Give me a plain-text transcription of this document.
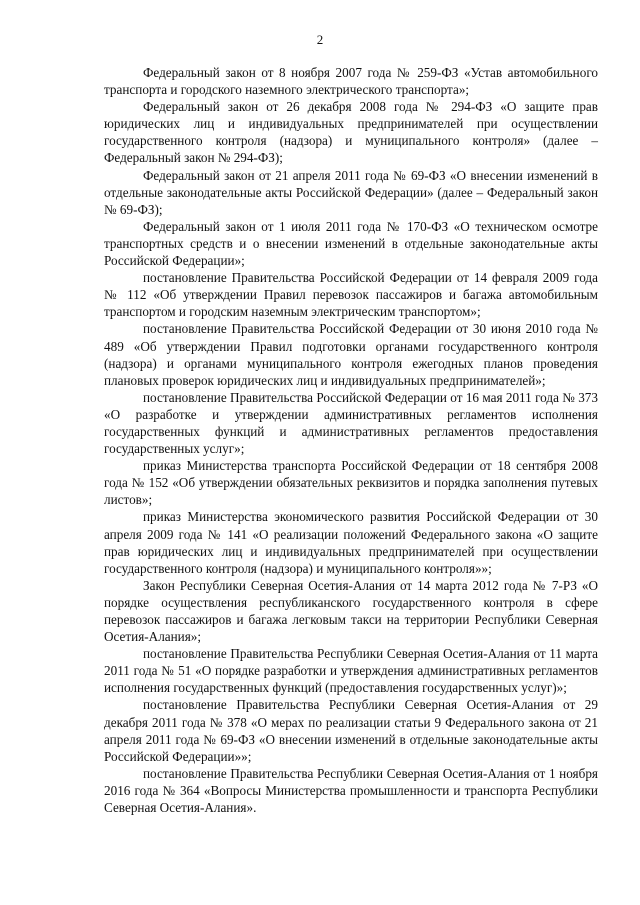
2

Федеральный закон от 8 ноября 2007 года № 259-ФЗ «Устав автомобильного транспорта и городского наземного электрического транспорта»;

Федеральный закон от 26 декабря 2008 года № 294-ФЗ «О защите прав юридических лиц и индивидуальных предпринимателей при осуществлении государственного контроля (надзора) и муниципального контроля» (далее – Федеральный закон № 294-ФЗ);

Федеральный закон от 21 апреля 2011 года № 69-ФЗ «О внесении изменений в отдельные законодательные акты Российской Федерации» (далее – Федеральный закон № 69-ФЗ);

Федеральный закон от 1 июля 2011 года № 170-ФЗ «О техническом осмотре транспортных средств и о внесении изменений в отдельные законодательные акты Российской Федерации»;

постановление Правительства Российской Федерации от 14 февраля 2009 года № 112 «Об утверждении Правил перевозок пассажиров и багажа автомобильным транспортом и городским наземным электрическим транспортом»;

постановление Правительства Российской Федерации от 30 июня 2010 года № 489 «Об утверждении Правил подготовки органами государственного контроля (надзора) и органами муниципального контроля ежегодных планов проведения плановых проверок юридических лиц и индивидуальных предпринимателей»;

постановление Правительства Российской Федерации от 16 мая 2011 года № 373 «О разработке и утверждении административных регламентов исполнения государственных функций и административных регламентов предоставления государственных услуг»;

приказ Министерства транспорта Российской Федерации от 18 сентября 2008 года № 152 «Об утверждении обязательных реквизитов и порядка заполнения путевых листов»;

приказ Министерства экономического развития Российской Федерации от 30 апреля 2009 года № 141 «О реализации положений Федерального закона «О защите прав юридических лиц и индивидуальных предпринимателей при осуществлении государственного контроля (надзора) и муниципального контроля»»;

Закон Республики Северная Осетия-Алания от 14 марта 2012 года № 7-РЗ «О порядке осуществления республиканского государственного контроля в сфере перевозок пассажиров и багажа легковым такси на территории Республики Северная Осетия-Алания»;

постановление Правительства Республики Северная Осетия-Алания от 11 марта 2011 года № 51 «О порядке разработки и утверждения административных регламентов исполнения государственных функций (предоставления государственных услуг)»;

постановление Правительства Республики Северная Осетия-Алания от 29 декабря 2011 года № 378 «О мерах по реализации статьи 9 Федерального закона от 21 апреля 2011 года № 69-ФЗ «О внесении изменений в отдельные законодательные акты Российской Федерации»»;

постановление Правительства Республики Северная Осетия-Алания от 1 ноября 2016 года № 364 «Вопросы Министерства промышленности и транспорта Республики Северная Осетия-Алания».
